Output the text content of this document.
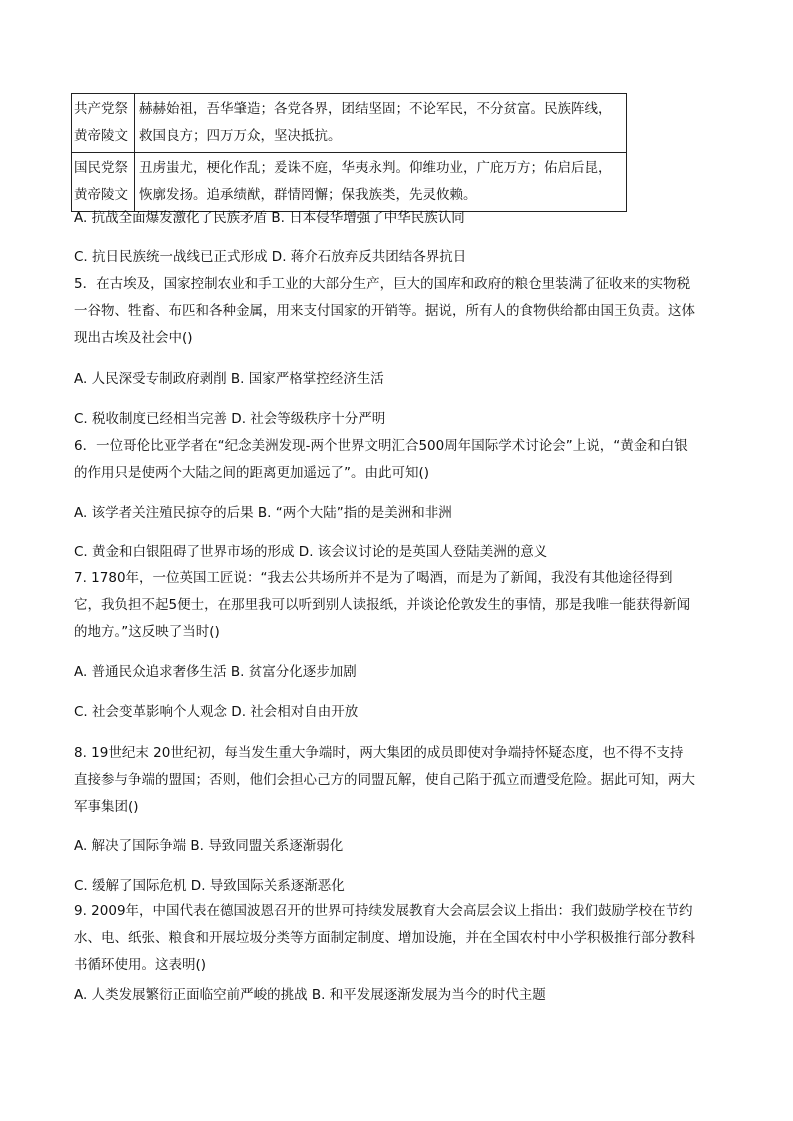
共产党祭黄帝陵文	赫赫始祖，吾华肇造；各党各界，团结坚固；不论军民，不分贫富。民族阵线，救国良方；四万万众，坚决抵抗。
国民党祭黄帝陵文	丑虏蚩尤，梗化作乱；爰诛不庭，华夷永判。仰维功业，广庇万方；佑启后昆，恢廓发扬。追承绩猷，群情罔懈；保我族类，先灵攸赖。
A. 抗战全面爆发激化了民族矛盾 B. 日本侵华增强了中华民族认同
C. 抗日民族统一战线已正式形成 D. 蒋介石放弃反共团结各界抗日
5．在古埃及，国家控制农业和手工业的大部分生产，巨大的国库和政府的粮仓里装满了征收来的实物税一谷物、牲畜、布匹和各种金属，用来支付国家的开销等。据说，所有人的食物供给都由国王负责。这体现出古埃及社会中()
A. 人民深受专制政府剥削 B. 国家严格掌控经济生活
C. 税收制度已经相当完善 D. 社会等级秩序十分严明
6．一位哥伦比亚学者在“纪念美洲发现-两个世界文明汇合500周年国际学术讨论会”上说，“黄金和白银的作用只是使两个大陆之间的距离更加遥远了”。由此可知()
A. 该学者关注殖民掠夺的后果 B. “两个大陆”指的是美洲和非洲
C. 黄金和白银阻碍了世界市场的形成 D. 该会议讨论的是英国人登陆美洲的意义
7. 1780年，一位英国工匠说：“我去公共场所并不是为了喝酒，而是为了新闻，我没有其他途径得到它，我负担不起5便士，在那里我可以听到别人读报纸，并谈论伦敦发生的事情，那是我唯一能获得新闻的地方。”这反映了当时()
A. 普通民众追求奢侈生活 B. 贫富分化逐步加剧
C. 社会变革影响个人观念 D. 社会相对自由开放
8. 19世纪末 20世纪初，每当发生重大争端时，两大集团的成员即使对争端持怀疑态度，也不得不支持直接参与争端的盟国；否则，他们会担心己方的同盟瓦解，使自己陷于孤立而遭受危险。据此可知，两大军事集团()
A. 解决了国际争端 B. 导致同盟关系逐渐弱化
C. 缓解了国际危机 D. 导致国际关系逐渐恶化
9. 2009年，中国代表在德国波恩召开的世界可持续发展教育大会高层会议上指出：我们鼓励学校在节约水、电、纸张、粮食和开展垃圾分类等方面制定制度、增加设施，并在全国农村中小学积极推行部分教科书循环使用。这表明()
A. 人类发展繁衍正面临空前严峻的挑战 B. 和平发展逐渐发展为当今的时代主题
